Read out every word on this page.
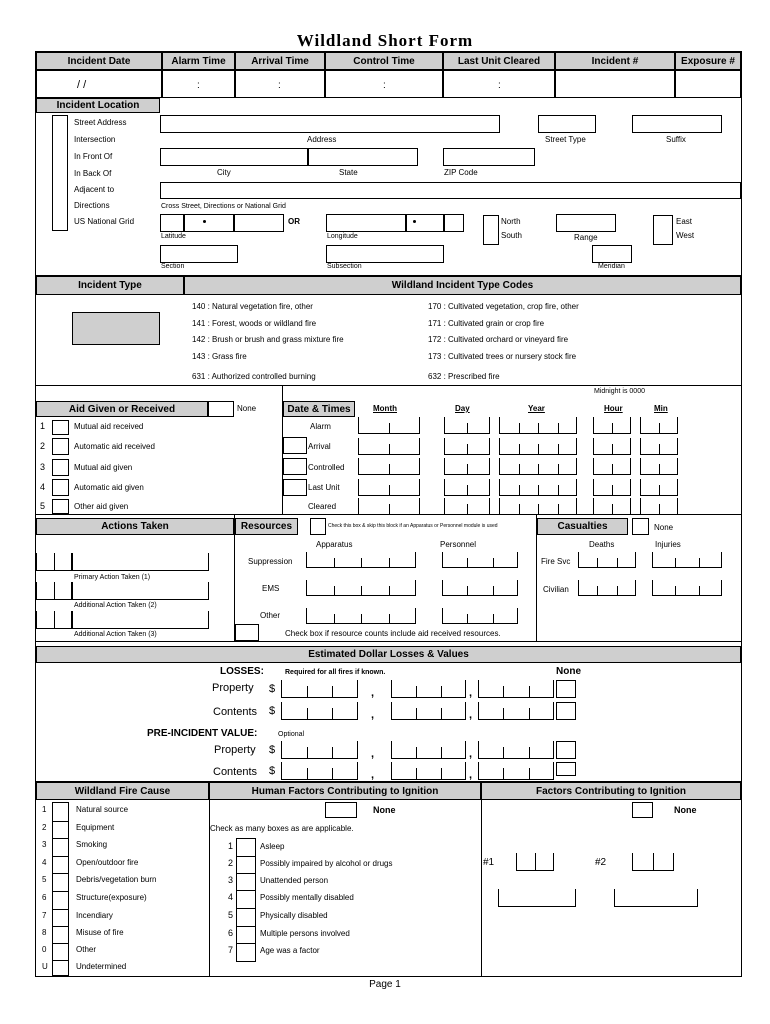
Wildland Short Form
Incident Date	Alarm Time	Arrival Time	Control Time	Last Unit Cleared	Incident #	Exposure #
/ /	:	:	:	:
Incident Location
Street Address
Intersection
In Front Of
In Back Of
Adjacent to
Directions
US National Grid
Address	Street Type	Suffix
City	State	ZIP Code
Cross Street, Directions or National Grid
OR
Latitude	Longitude
North
South	Range
East
West
Section	Subsection	Meridian
Incident Type	Wildland Incident Type Codes
140 : Natural vegetation fire, other
141 : Forest, woods or wildland fire
142 : Brush or brush and grass mixture fire
143 : Grass fire
631 : Authorized controlled burning
170 : Cultivated vegetation, crop fire, other
171 : Cultivated grain or crop fire
172 : Cultivated orchard or vineyard fire
173 : Cultivated trees or nursery stock fire
632 : Prescribed fire
Midnight is 0000
Aid Given or Received	None
1	Mutual aid received
2	Automatic aid received
3	Mutual aid given
4	Automatic aid given
5	Other aid given
Date & Times	Month	Day	Year	Hour	Min
Alarm
Arrival
Controlled
Last Unit
Cleared
Actions Taken	Resources	Check this box & skip this block if an Apparatus or Personnel module is used	Casualties	None
Primary Action Taken (1)
Additional Action Taken (2)
Additional Action Taken (3)
Apparatus	Personnel
Suppression
EMS
Other
Check box if resource counts include aid received resources.
Deaths	Injuries
Fire Svc
Civilian
Estimated Dollar Losses & Values
LOSSES:	Required for all fires if known.	None
Property
Contents
PRE-INCIDENT VALUE:	Optional
Property
Contents
$	,	,
$	,	,
$	,	,
$	,	,
Wildland Fire Cause	Human Factors Contributing to Ignition	Factors Contributing to Ignition
1	Natural source
2	Equipment
3	Smoking
4	Open/outdoor fire
5	Debris/vegetation burn
6	Structure(exposure)
7	Incendiary
8	Misuse of fire
0	Other
U	Undetermined
None
Check as many boxes as are applicable.
1	Asleep
2	Possibly impaired by alcohol or drugs
3	Unattended person
4	Possibly mentally disabled
5	Physically disabled
6	Multiple persons involved
7	Age was a factor
None
#1	#2
Page 1
